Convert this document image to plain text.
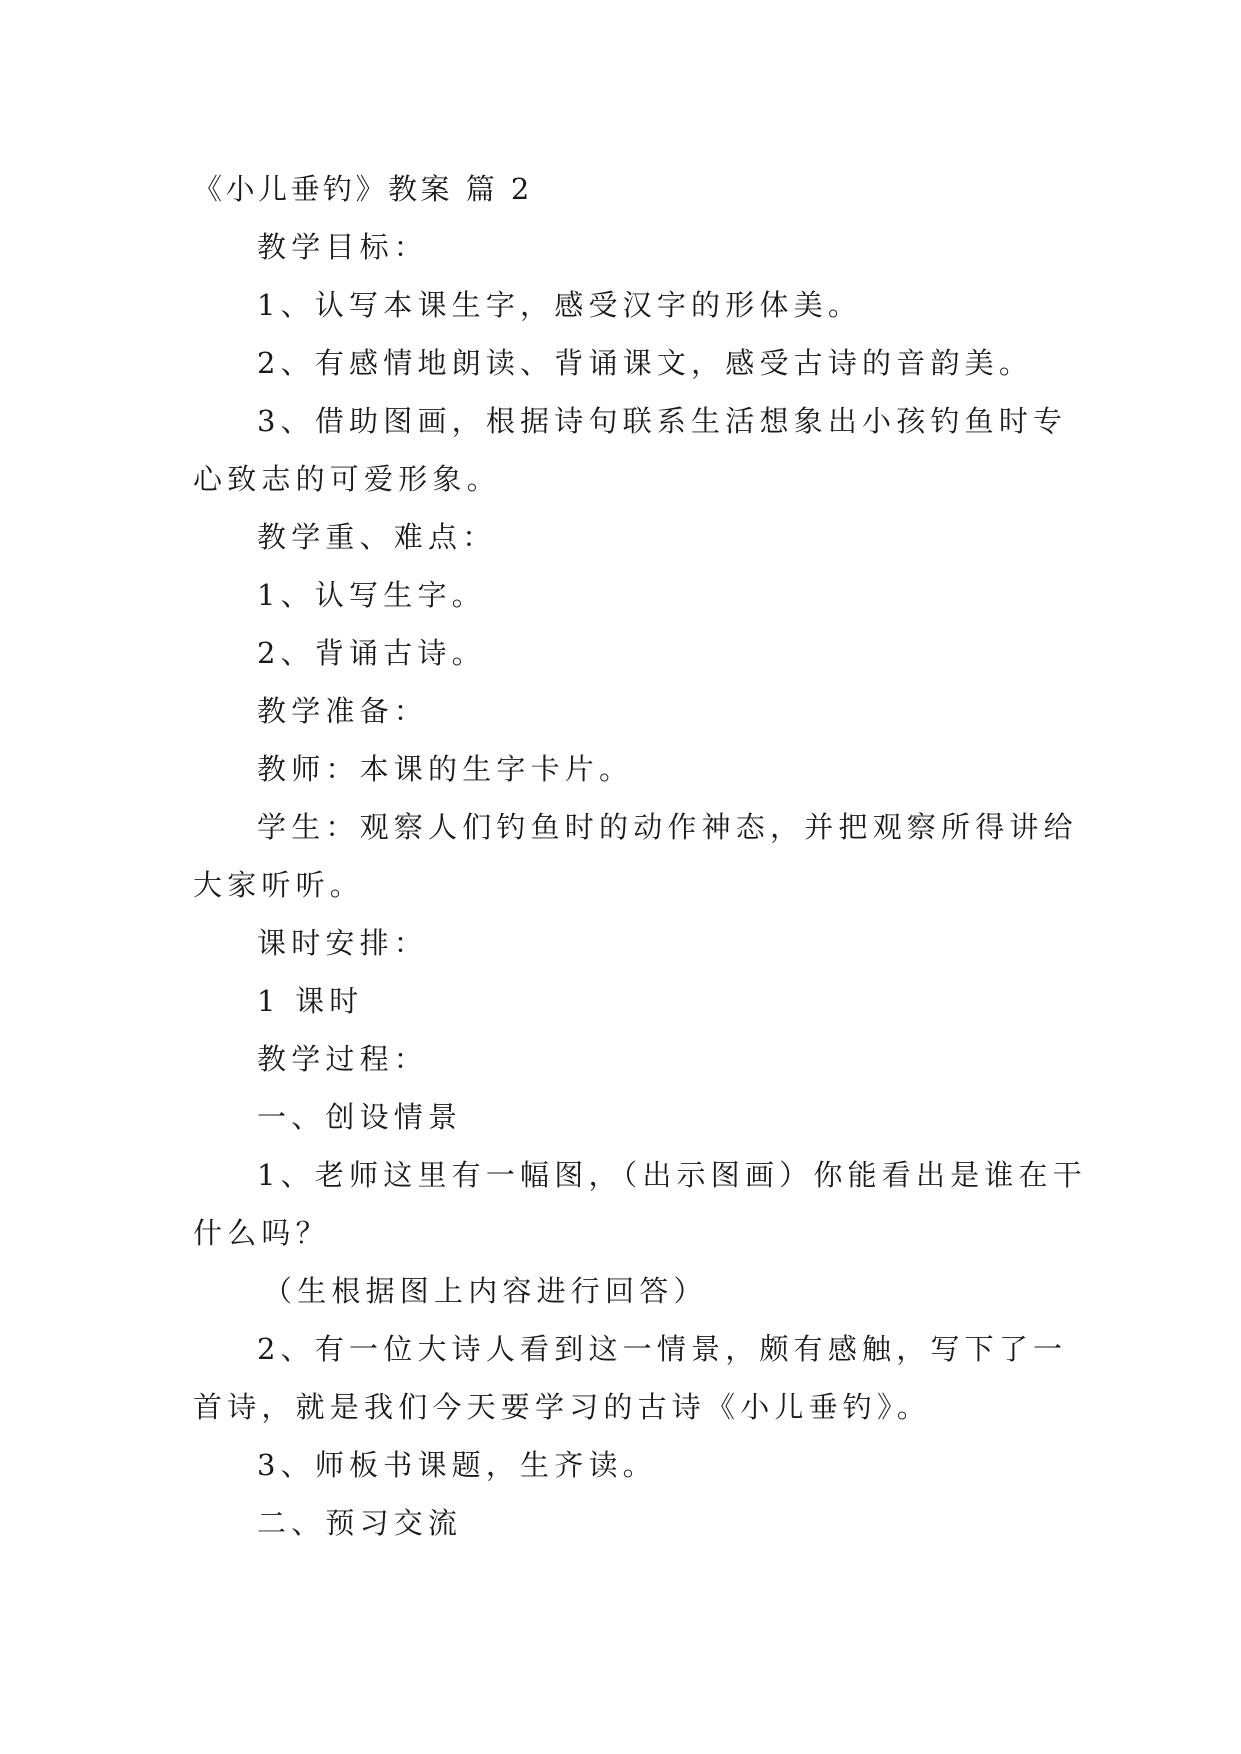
《小儿垂钓》教案 篇 2

教学目标：

1、认写本课生字，感受汉字的形体美。

2、有感情地朗读、背诵课文，感受古诗的音韵美。

3、借助图画，根据诗句联系生活想象出小孩钓鱼时专

心致志的可爱形象。

教学重、难点：

1、认写生字。

2、背诵古诗。

教学准备：

教师：本课的生字卡片。

学生：观察人们钓鱼时的动作神态，并把观察所得讲给

大家听听。

课时安排：

1 课时

教学过程：

一、创设情景

1、老师这里有一幅图，（出示图画）你能看出是谁在干

什么吗？

（生根据图上内容进行回答）

2、有一位大诗人看到这一情景，颇有感触，写下了一

首诗，就是我们今天要学习的古诗《小儿垂钓》。

3、师板书课题，生齐读。

二、预习交流
